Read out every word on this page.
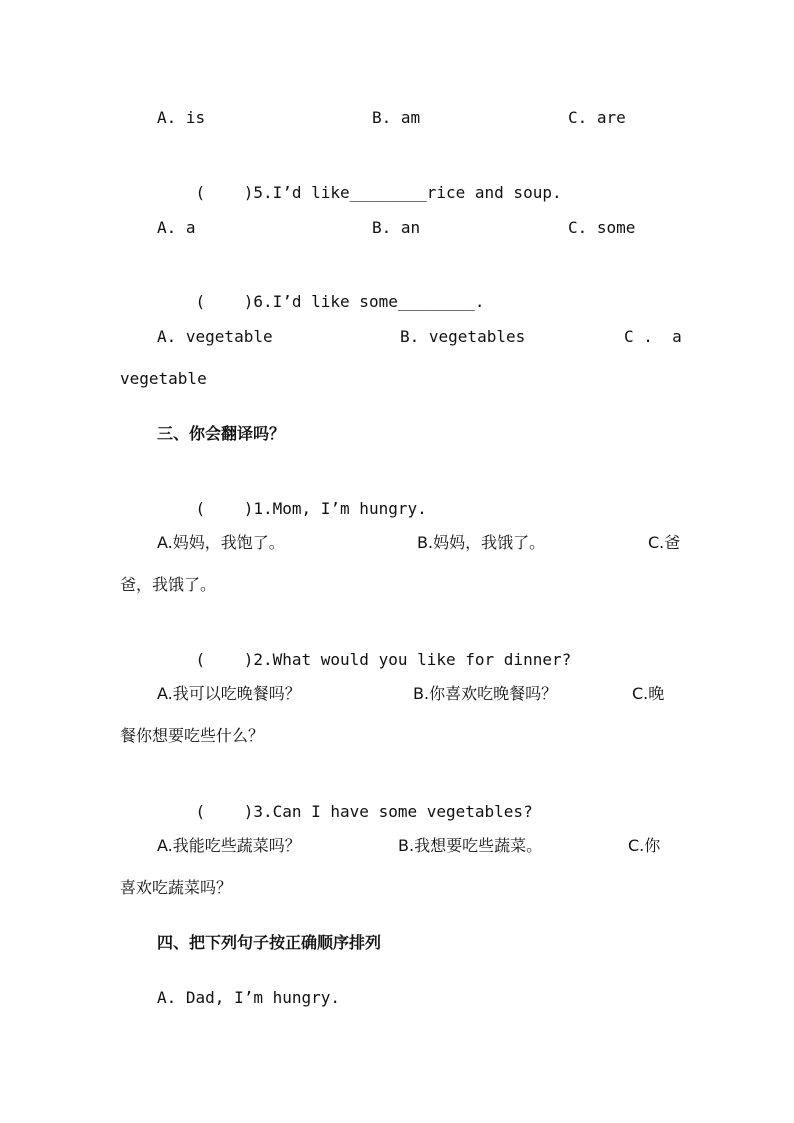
A. is	B. am	C. are

( )5.I’d like________rice and soup.

A. a	B. an	C. some

( )6.I’d like some________.

A. vegetable	B. vegetables	C .  a
vegetable
三、你会翻译吗？

( )1.Mom, I’m hungry.

A.妈妈，我饱了。	B.妈妈，我饿了。	C.爸
爸，我饿了。

( )2.What would you like for dinner?

A.我可以吃晚餐吗？	B.你喜欢吃晚餐吗？	C.晚
餐你想要吃些什么？

( )3.Can I have some vegetables?

A.我能吃些蔬菜吗？	B.我想要吃些蔬菜。	C.你
喜欢吃蔬菜吗？
四、把下列句子按正确顺序排列
A. Dad, I’m hungry.
